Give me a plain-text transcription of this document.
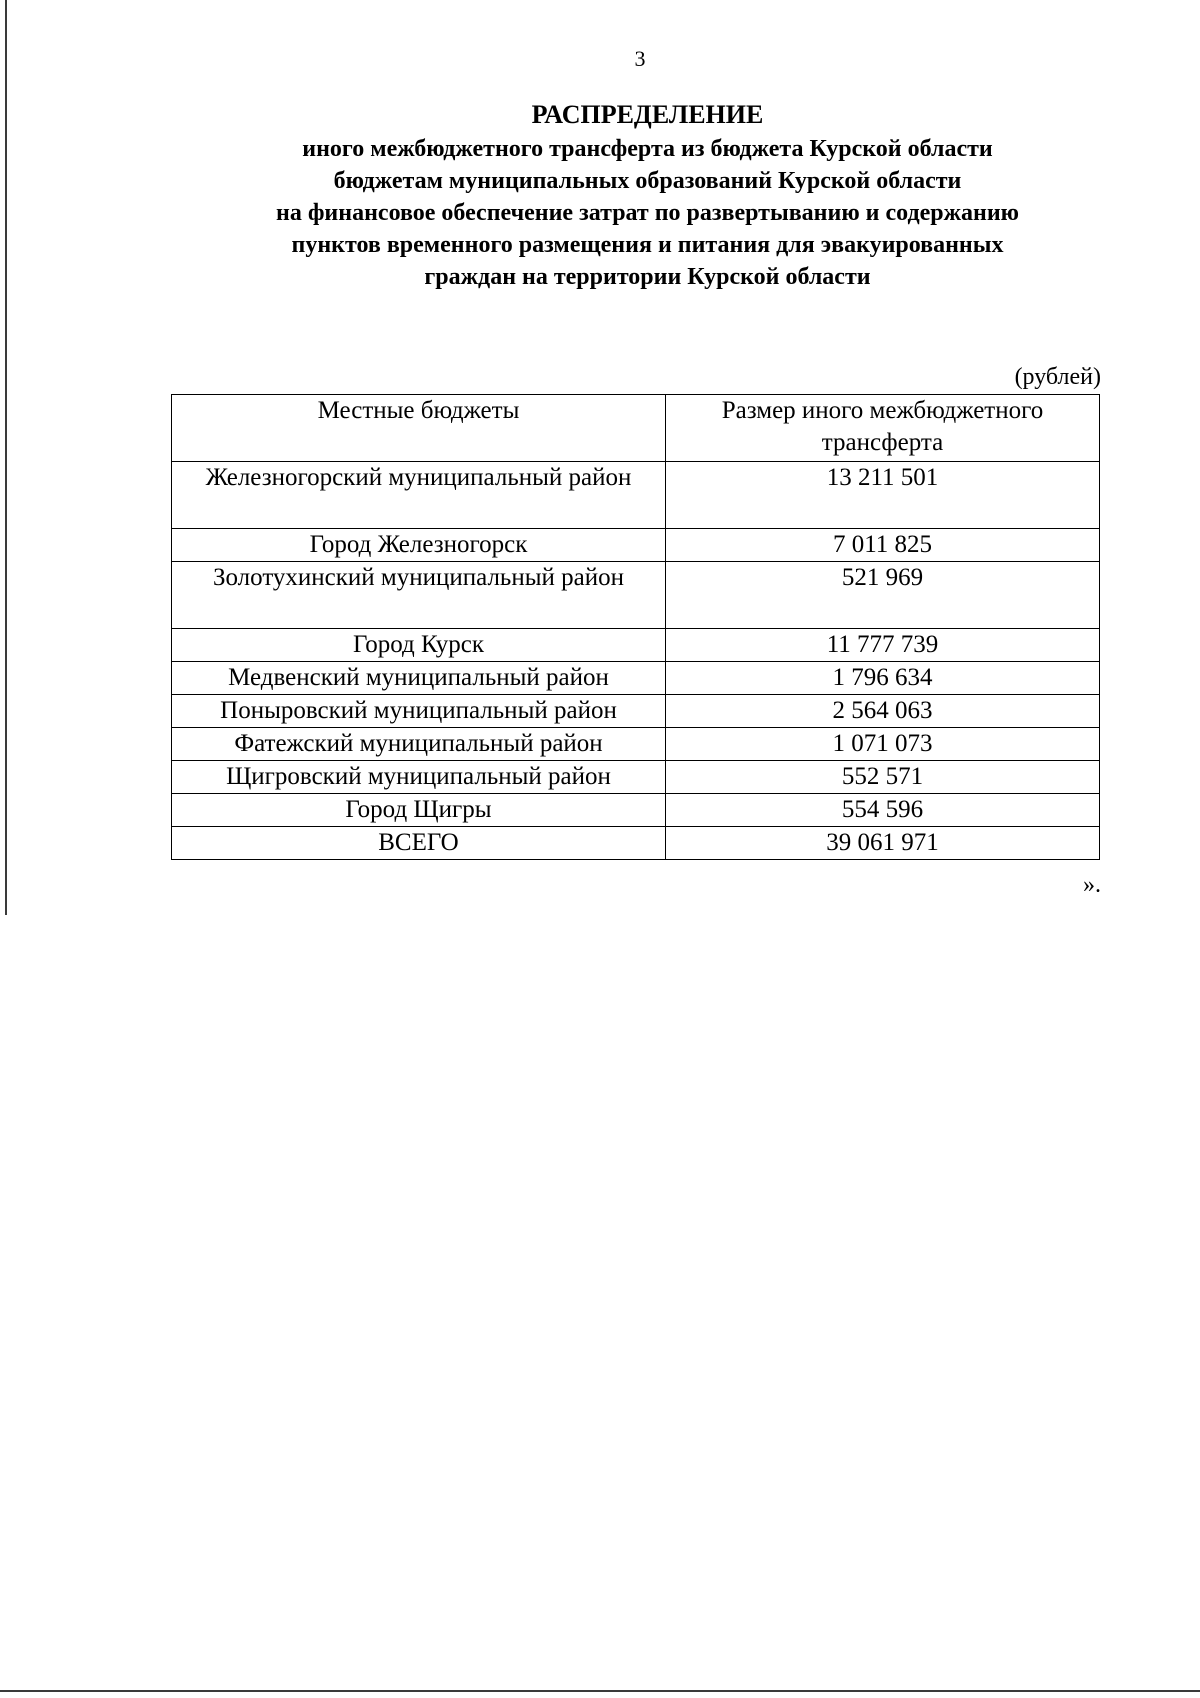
3
РАСПРЕДЕЛЕНИЕ
иного межбюджетного трансферта из бюджета Курской области
бюджетам муниципальных образований Курской области
на финансовое обеспечение затрат по развертыванию и содержанию
пунктов временного размещения и питания для эвакуированных
граждан на территории Курской области
(рублей)
Местные бюджеты	Размер иного межбюджетного трансферта
Железногорский муниципальный район	13 211 501
Город Железногорск	7 011 825
Золотухинский муниципальный район	521 969
Город Курск	11 777 739
Медвенский муниципальный район	1 796 634
Поныровский муниципальный район	2 564 063
Фатежский муниципальный район	1 071 073
Щигровский муниципальный район	552 571
Город Щигры	554 596
ВСЕГО	39 061 971
».
